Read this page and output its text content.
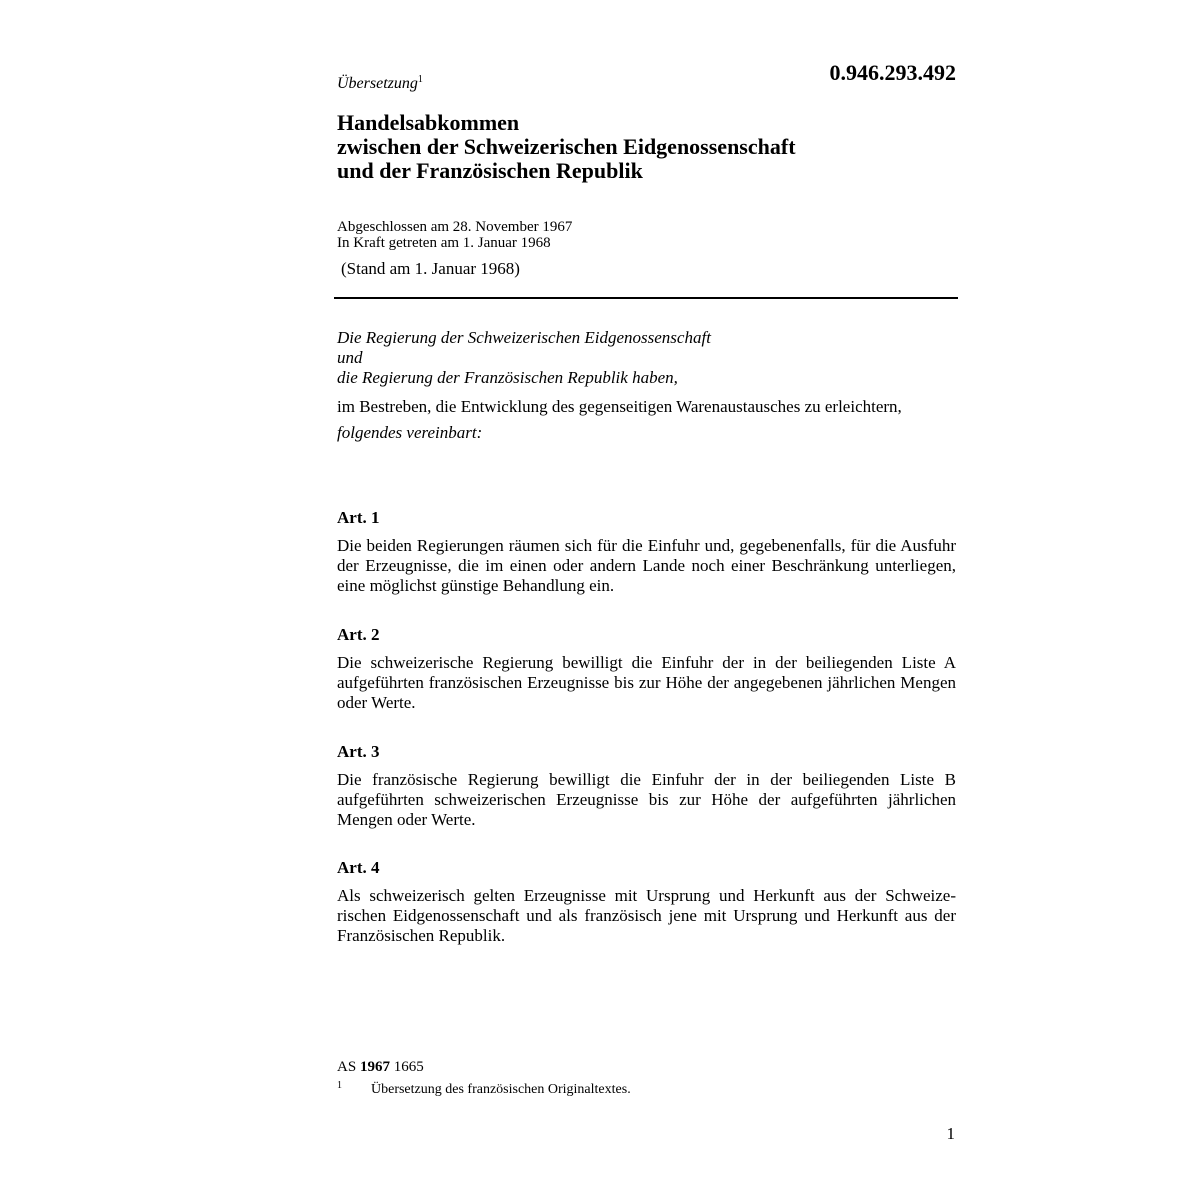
0.946.293.492
Übersetzung$^1$
Handelsabkommen
zwischen der Schweizerischen Eidgenossenschaft
und der Französischen Republik
Abgeschlossen am 28. November 1967
In Kraft getreten am 1. Januar 1968
(Stand am 1. Januar 1968)
Die Regierung der Schweizerischen Eidgenossenschaft
und
die Regierung der Französischen Republik haben,
im Bestreben, die Entwicklung des gegenseitigen Warenaustausches zu erleichtern,
folgendes vereinbart:
Art. 1
Die beiden Regierungen räumen sich für die Einfuhr und, gegebenenfalls, für die Ausfuhr der Erzeugnisse, die im einen oder andern Lande noch einer Beschränkung unterliegen, eine möglichst günstige Behandlung ein.
Art. 2
Die schweizerische Regierung bewilligt die Einfuhr der in der beiliegenden Liste A aufgeführten französischen Erzeugnisse bis zur Höhe der angegebenen jährlichen Mengen oder Werte.
Art. 3
Die französische Regierung bewilligt die Einfuhr der in der beiliegenden Liste B aufgeführten schweizerischen Erzeugnisse bis zur Höhe der aufgeführten jährlichen Mengen oder Werte.
Art. 4
Als schweizerisch gelten Erzeugnisse mit Ursprung und Herkunft aus der Schweize-rischen Eidgenossenschaft und als französisch jene mit Ursprung und Herkunft aus der Französischen Republik.
AS 1967 1665
1 Übersetzung des französischen Originaltextes.
1
